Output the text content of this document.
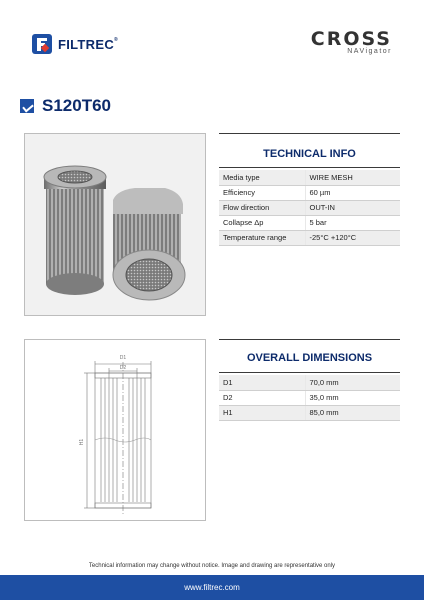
FILTREC®	CROSS
NAVigator
S120T60
TECHNICAL INFO
Media type	WIRE MESH
Efficiency	60 µm
Flow direction	OUT-IN
Collapse Δp	5 bar
Temperature range	-25°C +120°C
D1
D2
H1
OVERALL DIMENSIONS
D1	70,0 mm
D2	35,0 mm
H1	85,0 mm
Technical information may change without notice. Image and drawing are representative only
www.filtrec.com
